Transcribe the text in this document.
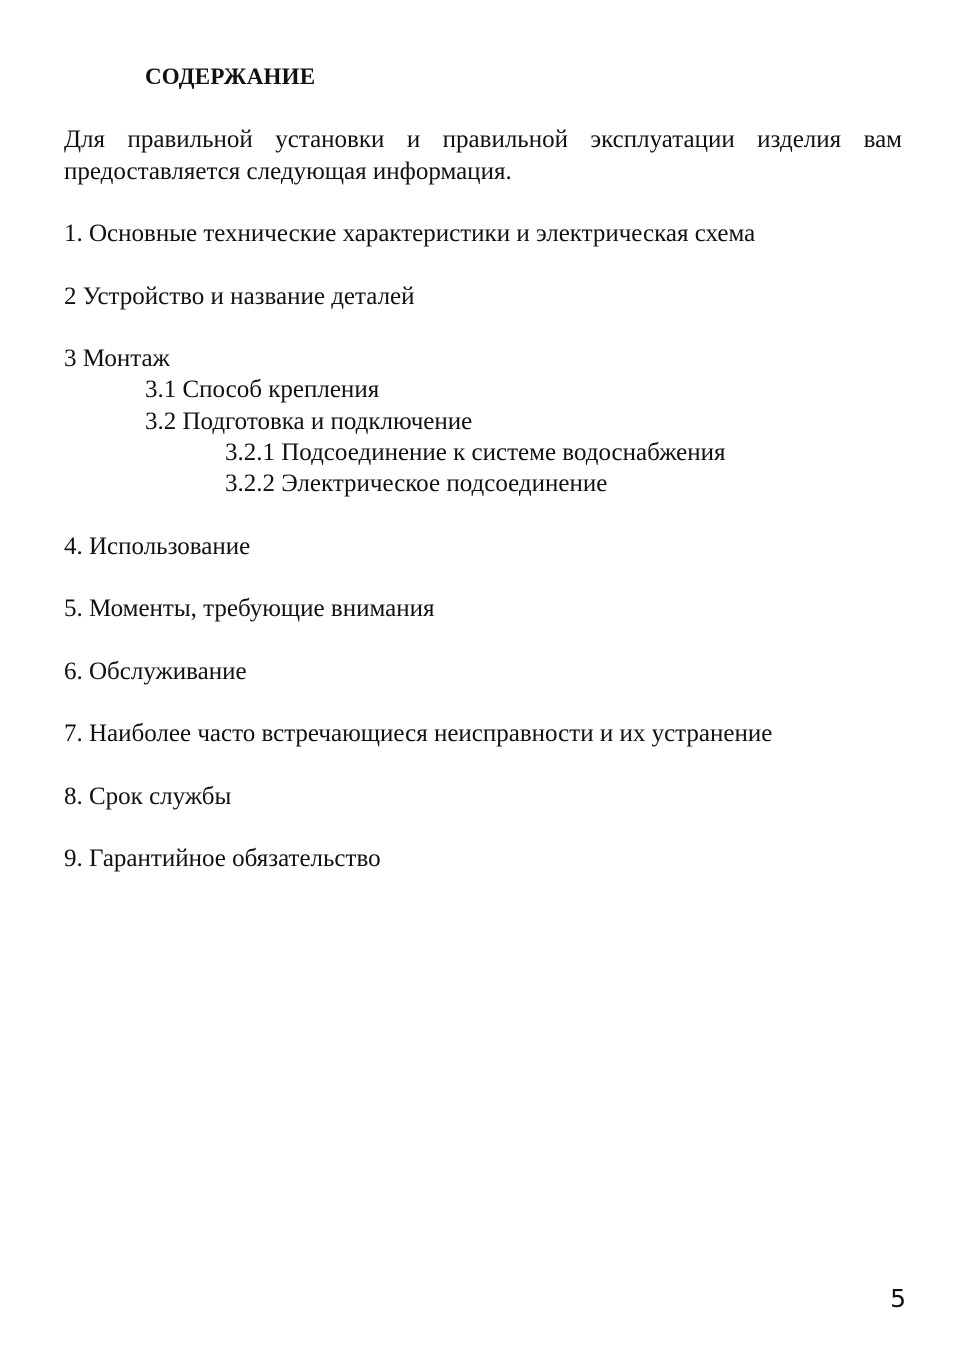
СОДЕРЖАНИЕ

Для правильной установки и правильной эксплуатации изделия вам предоставляется следующая информация.

1. Основные технические характеристики и электрическая схема
2 Устройство и название деталей
3 Монтаж
3.1 Способ крепления
3.2 Подготовка и подключение
3.2.1 Подсоединение к системе водоснабжения
3.2.2 Электрическое подсоединение
4. Использование
5. Моменты, требующие внимания
6. Обслуживание
7. Наиболее часто встречающиеся неисправности и их устранение
8. Срок службы
9. Гарантийное обязательство
5
